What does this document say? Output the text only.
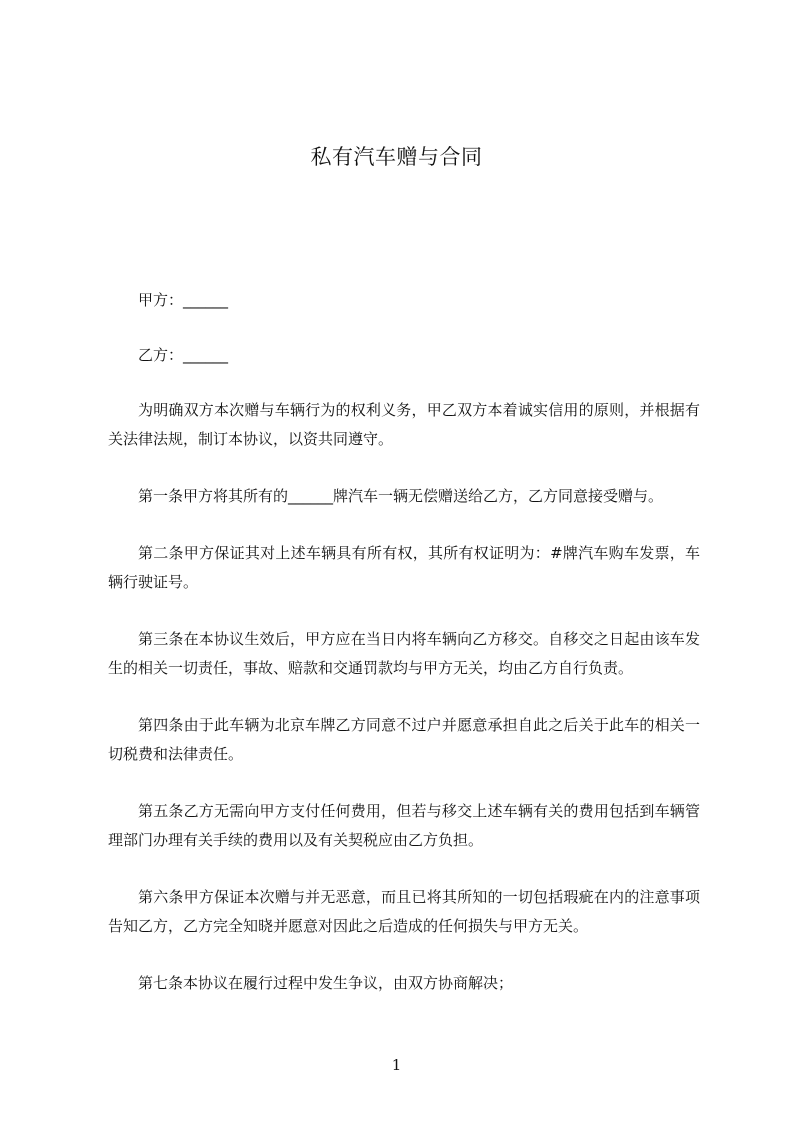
私有汽车赠与合同

甲方：______

乙方：______

为明确双方本次赠与车辆行为的权利义务，甲乙双方本着诚实信用的原则，并根据有关法律法规，制订本协议，以资共同遵守。

第一条甲方将其所有的______牌汽车一辆无偿赠送给乙方，乙方同意接受赠与。

第二条甲方保证其对上述车辆具有所有权，其所有权证明为：#牌汽车购车发票，车辆行驶证号。

第三条在本协议生效后，甲方应在当日内将车辆向乙方移交。自移交之日起由该车发生的相关一切责任，事故、赔款和交通罚款均与甲方无关，均由乙方自行负责。

第四条由于此车辆为北京车牌乙方同意不过户并愿意承担自此之后关于此车的相关一切税费和法律责任。

第五条乙方无需向甲方支付任何费用，但若与移交上述车辆有关的费用包括到车辆管理部门办理有关手续的费用以及有关契税应由乙方负担。

第六条甲方保证本次赠与并无恶意，而且已将其所知的一切包括瑕疵在内的注意事项告知乙方，乙方完全知晓并愿意对因此之后造成的任何损失与甲方无关。

第七条本协议在履行过程中发生争议，由双方协商解决；

1
